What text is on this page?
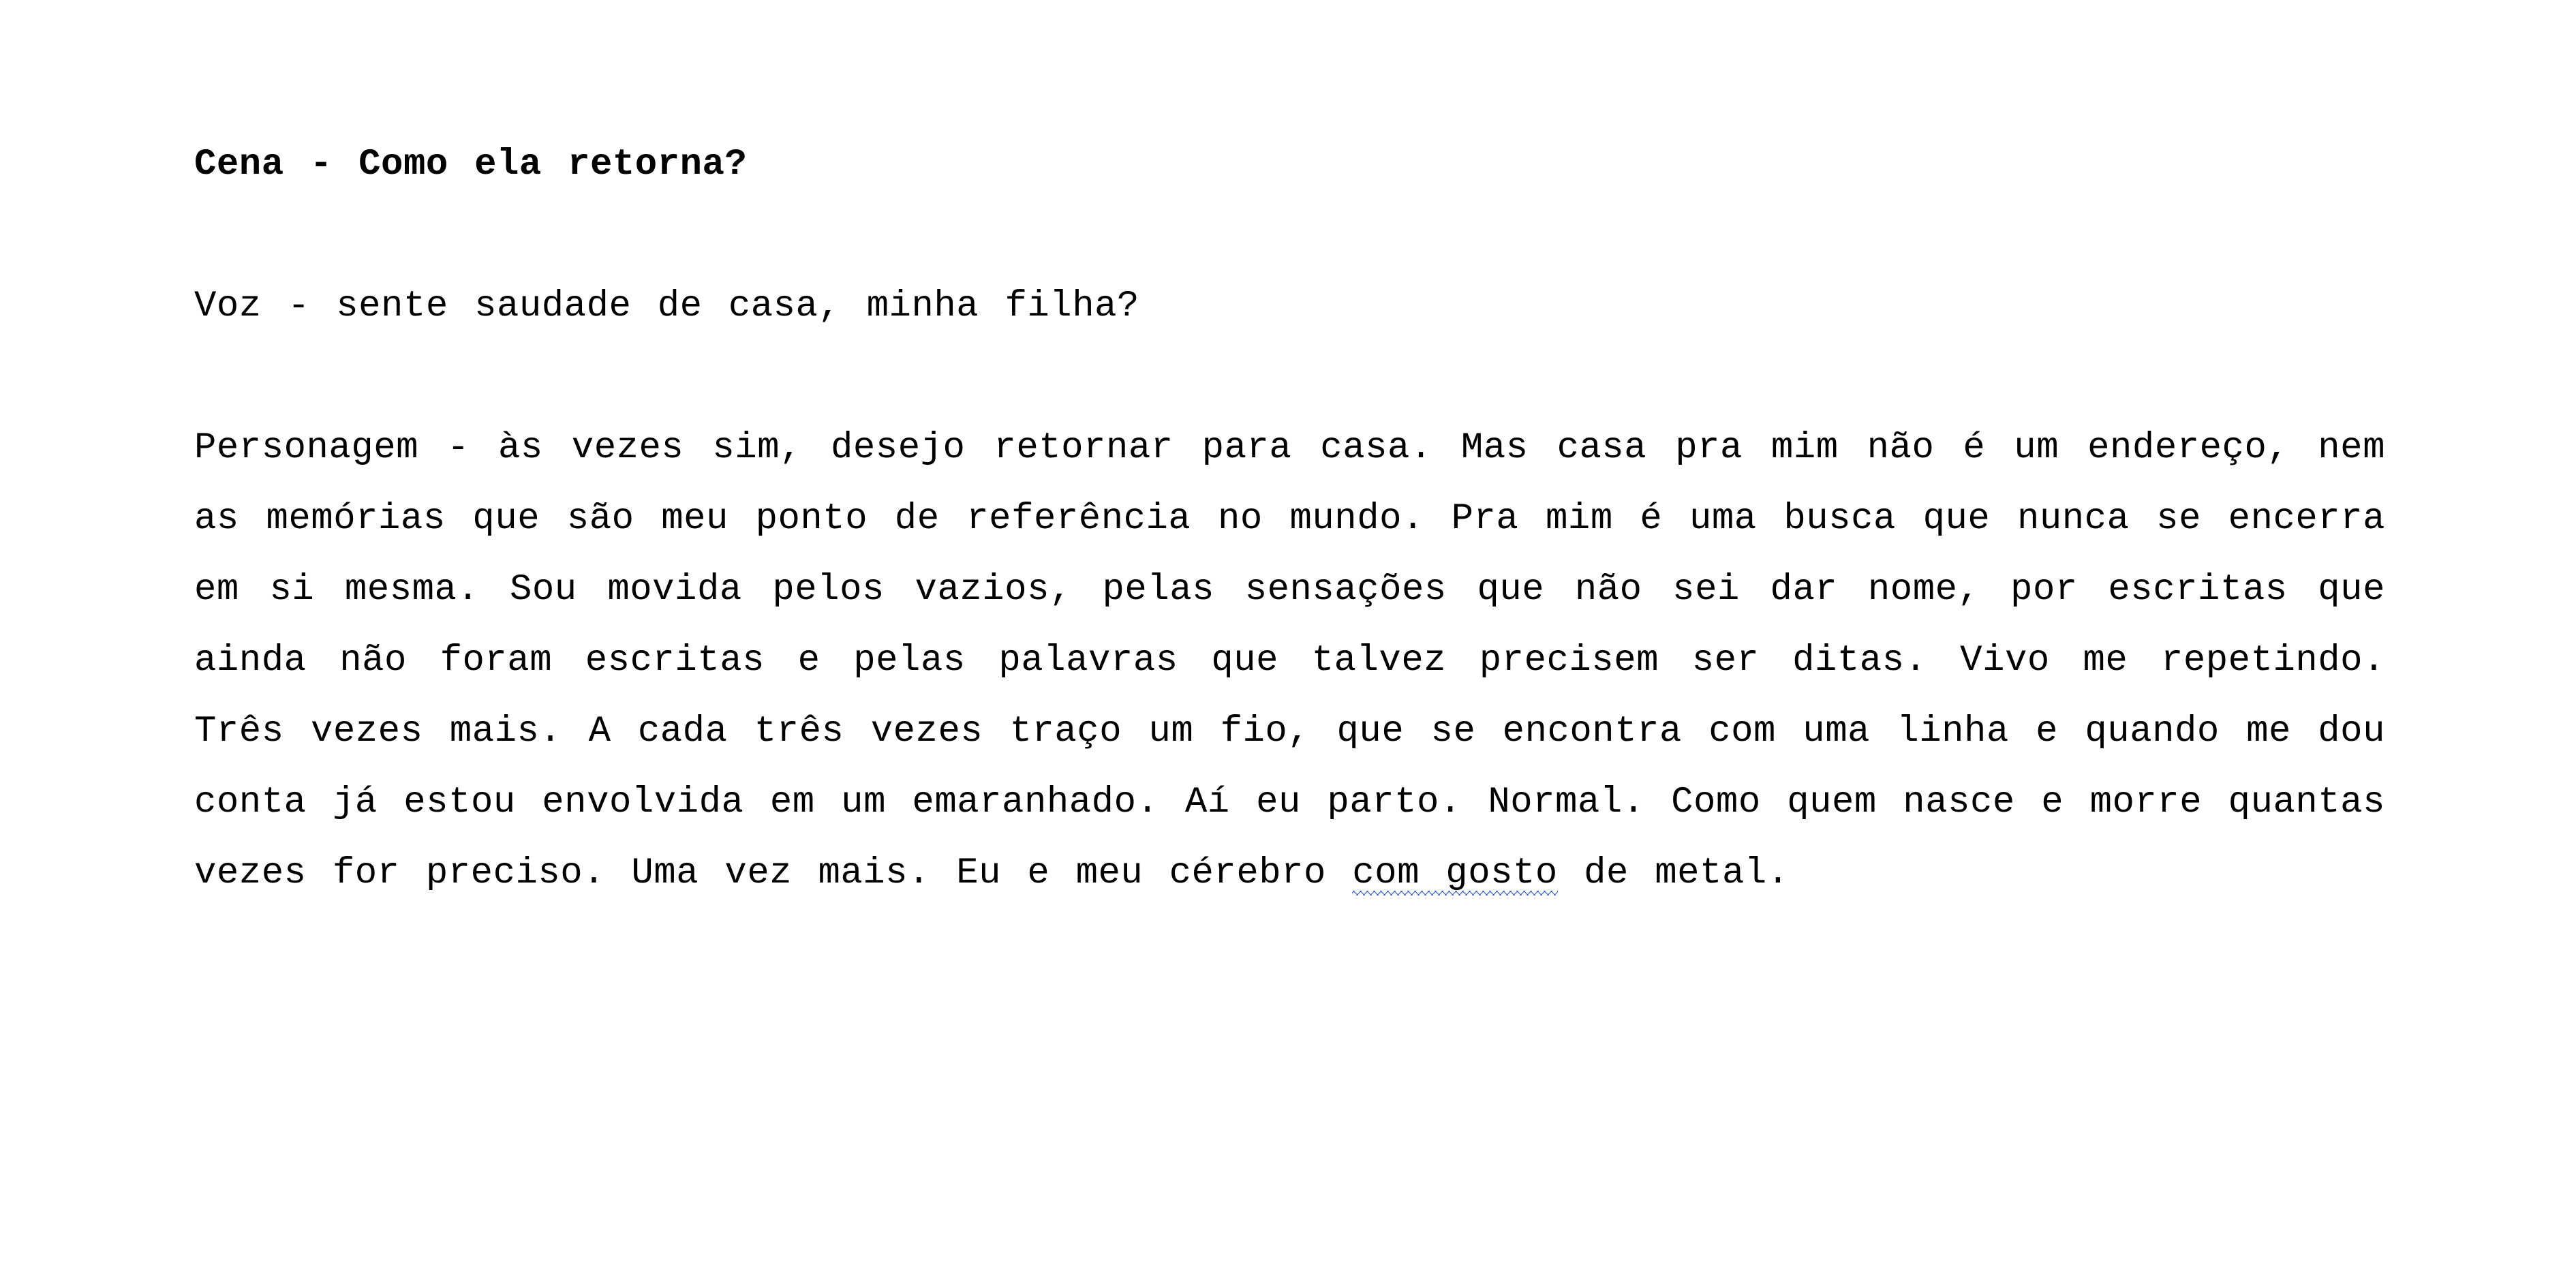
Cena - Como ela retorna?

Voz - sente saudade de casa, minha filha?

Personagem - às vezes sim, desejo retornar para casa. Mas casa pra mim não é um endereço, nem as memórias que são meu ponto de referência no mundo. Pra mim é uma busca que nunca se encerra em si mesma. Sou movida pelos vazios, pelas sensações que não sei dar nome, por escritas que ainda não foram escritas e pelas palavras que talvez precisem ser ditas. Vivo me repetindo. Três vezes mais. A cada três vezes traço um fio, que se encontra com uma linha e quando me dou conta já estou envolvida em um emaranhado. Aí eu parto. Normal. Como quem nasce e morre quantas vezes for preciso. Uma vez mais. Eu e meu cérebro com gosto de metal.
